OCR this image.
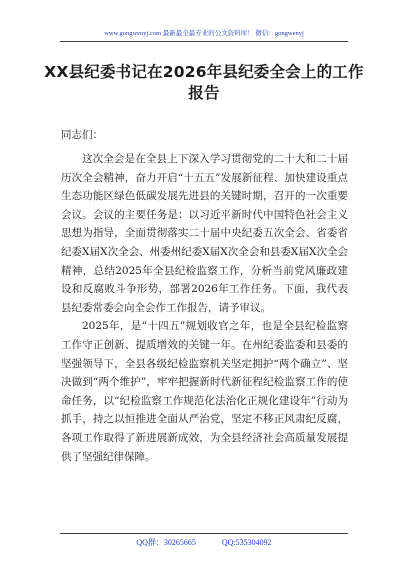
www.gongwenyj.com 最新最全最专业的公文资料库！ 微信：gongwenyj
XX县纪委书记在2026年县纪委全会上的工作报告
同志们：

这次全会是在全县上下深入学习贯彻党的二十大和二十届历次全会精神，奋力开启“十五五”发展新征程、加快建设重点生态功能区绿色低碳发展先进县的关键时期，召开的一次重要会议。会议的主要任务是：以习近平新时代中国特色社会主义思想为指导，全面贯彻落实二十届中央纪委五次全会、省委省纪委X届X次全会、州委州纪委X届X次全会和县委X届X次全会精神，总结2025年全县纪检监察工作，分析当前党风廉政建设和反腐败斗争形势，部署2026年工作任务。下面，我代表县纪委常委会向全会作工作报告，请予审议。

2025年，是“十四五”规划收官之年，也是全县纪检监察工作守正创新、提质增效的关键一年。在州纪委监委和县委的坚强领导下，全县各级纪检监察机关坚定拥护“两个确立”、坚决做到“两个维护”，牢牢把握新时代新征程纪检监察工作的使命任务，以“纪检监察工作规范化法治化正规化建设年”行动为抓手，持之以恒推进全面从严治党，坚定不移正风肃纪反腐，各项工作取得了新进展新成效，为全县经济社会高质量发展提供了坚强纪律保障。

QQ群：30265665	QQ:535304092
